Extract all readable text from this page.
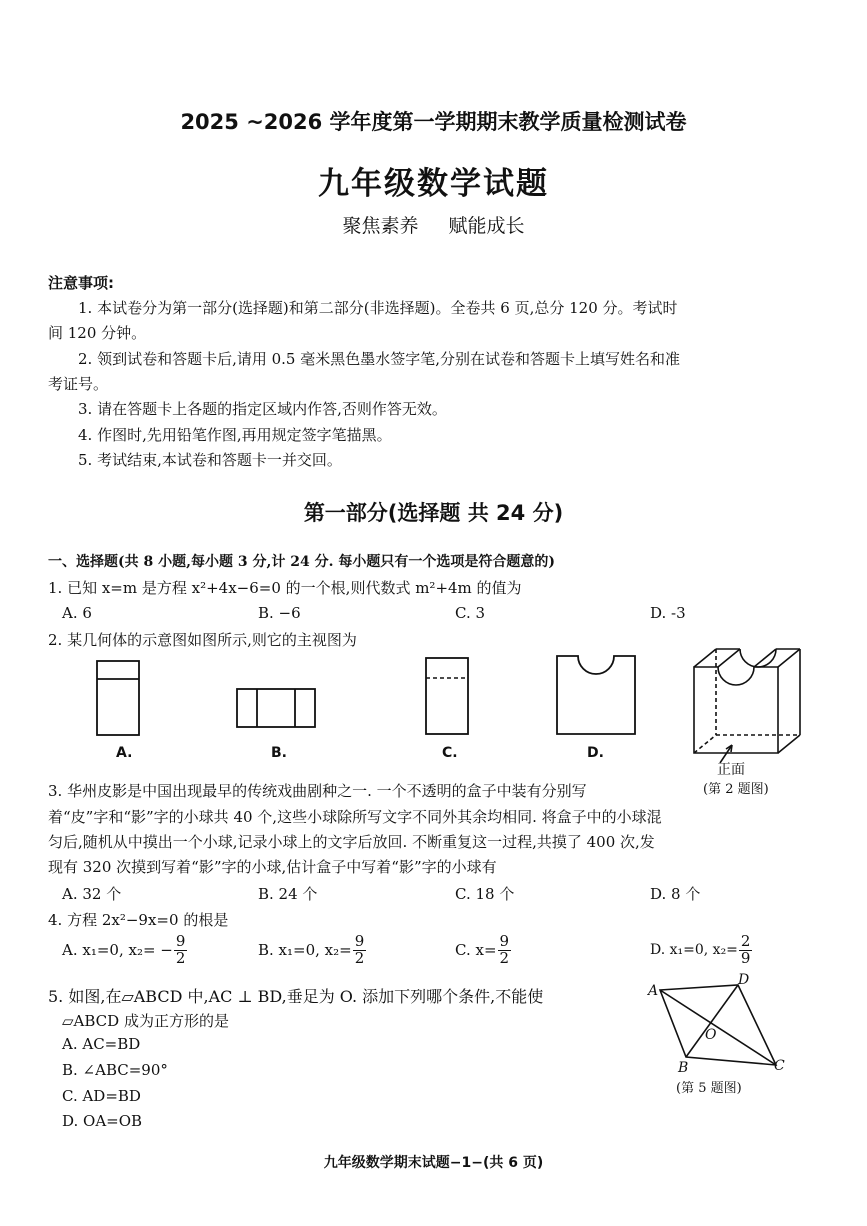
2025 ~2026 学年度第一学期期末教学质量检测试卷
九年级数学试题
聚焦素养 赋能成长
注意事项:
1. 本试卷分为第一部分(选择题)和第二部分(非选择题)。全卷共 6 页,总分 120 分。考试时
间 120 分钟。
2. 领到试卷和答题卡后,请用 0.5 毫米黑色墨水签字笔,分别在试卷和答题卡上填写姓名和准
考证号。
3. 请在答题卡上各题的指定区域内作答,否则作答无效。
4. 作图时,先用铅笔作图,再用规定签字笔描黑。
5. 考试结束,本试卷和答题卡一并交回。
第一部分(选择题 共 24 分)
一、选择题(共 8 小题,每小题 3 分,计 24 分. 每小题只有一个选项是符合题意的)
1. 已知 x=m 是方程 x²+4x−6=0 的一个根,则代数式 m²+4m 的值为
A. 6	B. −6	C. 3	D. -3
2. 某几何体的示意图如图所示,则它的主视图为
A.	B.	C.	D.
正面
(第 2 题图)
3. 华州皮影是中国出现最早的传统戏曲剧种之一. 一个不透明的盒子中装有分别写
着“皮”字和“影”字的小球共 40 个,这些小球除所写文字不同外其余均相同. 将盒子中的小球混
匀后,随机从中摸出一个小球,记录小球上的文字后放回. 不断重复这一过程,共摸了 400 次,发
现有 320 次摸到写着“影”字的小球,估计盒子中写着“影”字的小球有
A. 32 个	B. 24 个	C. 18 个	D. 8 个
4. 方程 2x²−9x=0 的根是
A. x₁=0, $x_2= - \frac{9}{2}$	B. x₁=0, $x_2= \frac{9}{2}$	C. $x= \frac{9}{2}$	D. x₁=0, $x_2= \frac{2}{9}$
5. 如图,在▱ABCD 中,AC ⊥ BD,垂足为 O. 添加下列哪个条件,不能使
▱ABCD 成为正方形的是
A. AC=BD
B. ∠ABC=90°
C. AD=BD
D. OA=OB
A
B	C
D
O
(第 5 题图)
九年级数学期末试题−1−(共 6 页)
